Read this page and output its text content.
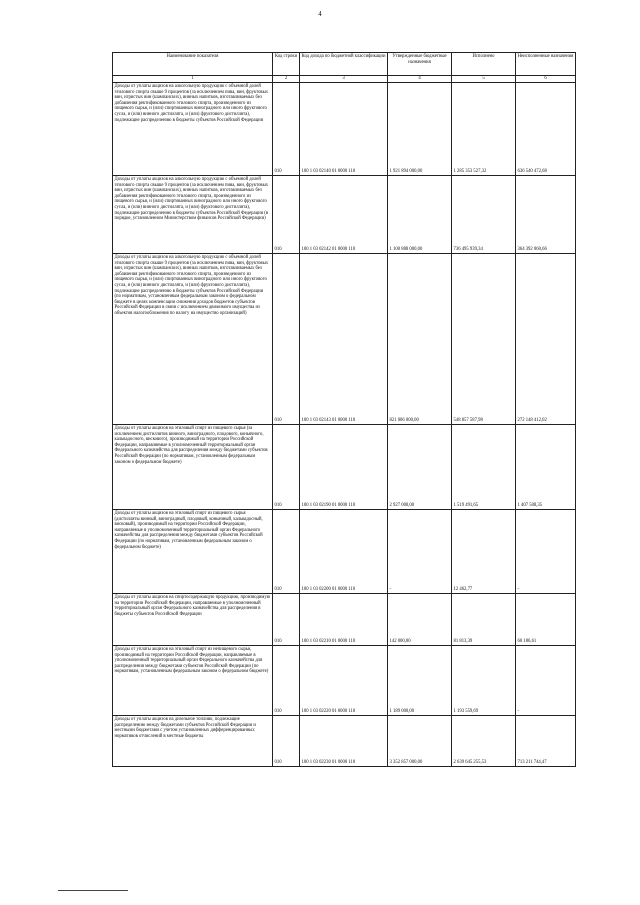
4
Наименование показателя	Код строки	Код дохода по бюджетной классификации	Утвержденные бюджетные назначения	Исполнено	Неисполненные назначения
1	2	3	4	5	6
Доходы от уплаты акцизов на алкогольную продукцию с объемной долей этилового спирта свыше 9 процентов (за исключением пива, вин, фруктовых вин, игристых вин (шампанских), винных напитков, изготавливаемых без добавления ректификованного этилового спирта, произведенного из пищевого сырья, и (или) спиртованных виноградного или иного фруктового сусла, и (или) винного дистиллята, и (или) фруктового дистиллята), подлежащие распределению в бюджеты субъектов Российской Федерации	010	100 1 03 02140 01 0000 110	1 921 894 000,00	1 285 353 527,32	636 540 472,68
Доходы от уплаты акцизов на алкогольную продукцию с объемной долей этилового спирта свыше 9 процентов (за исключением пива, вин, фруктовых вин, игристых вин (шампанских), винных напитков, изготавливаемых без добавления ректификованного этилового спирта, произведенного из пищевого сырья, и (или) спиртованных виноградного или иного фруктового сусла, и (или) винного дистиллята, и (или) фруктового дистиллята), подлежащие распределению в бюджеты субъектов Российской Федерации (в порядке, установленном Министерством финансов Российской Федерации)	010	100 1 03 02142 01 0000 110	1 100 888 000,00	736 495 939,34	364 392 060,66
Доходы от уплаты акцизов на алкогольную продукцию с объемной долей этилового спирта свыше 9 процентов (за исключением пива, вин, фруктовых вин, игристых вин (шампанских), винных напитков, изготавливаемых без добавления ректификованного этилового спирта, произведенного из пищевого сырья, и (или) спиртованных виноградного или иного фруктового сусла, и (или) винного дистиллята, и (или) фруктового дистиллята), подлежащие распределению в бюджеты субъектов Российской Федерации (по нормативам, установленным федеральным законом о федеральном бюджете в целях компенсации снижения доходов бюджетов субъектов Российской Федерации в связи с исключением движимого имущества из объектов налогообложения по налогу на имущество организаций)	010	100 1 03 02143 01 0000 110	821 006 000,00	548 857 587,98	272 148 412,02
Доходы от уплаты акцизов на этиловый спирт из пищевого сырья (за исключением дистиллятов винного, виноградного, плодового, коньячного, кальвадосного, вискового), производимый на территории Российской Федерации, направляемые в уполномоченный территориальный орган Федерального казначейства для распределения между бюджетами субъектов Российской Федерации (по нормативам, установленным федеральным законом о федеральном бюджете)	010	100 1 03 02190 01 0000 110	2 927 000,00	1 519 491,65	1 407 508,35
Доходы от уплаты акцизов на этиловый спирт из пищевого сырья (дистилляты винный, виноградный, плодовый, коньячный, кальвадосный, висковый), производимый на территории Российской Федерации, направляемые в уполномоченный территориальный орган Федерального казначейства для распределения между бюджетами субъектов Российской Федерации (по нормативам, установленным федеральным законом о федеральном бюджете)	010	100 1 03 02200 01 0000 110	-	12 462,77	-
Доходы от уплаты акцизов на спиртосодержащую продукцию, производимую на территории Российской Федерации, направляемые в уполномоченный территориальный орган Федерального казначейства для распределения в бюджеты субъектов Российской Федерации	010	100 1 03 02210 01 0000 110	142 000,00	81 813,39	60 186,61
Доходы от уплаты акцизов на этиловый спирт из непищевого сырья, производимый на территории Российской Федерации, направляемые в уполномоченный территориальный орган Федерального казначейства для распределения между бюджетами субъектов Российской Федерации (по нормативам, установленным федеральным законом о федеральном бюджете)	010	100 1 03 02220 01 0000 110	1 189 000,00	1 193 559,69	-
Доходы от уплаты акцизов на дизельное топливо, подлежащие распределению между бюджетами субъектов Российской Федерации и местными бюджетами с учетом установленных дифференцированных нормативов отчислений в местные бюджеты	010	100 1 03 02230 01 0000 110	3 352 857 000,00	2 639 645 255,53	713 211 744,47
